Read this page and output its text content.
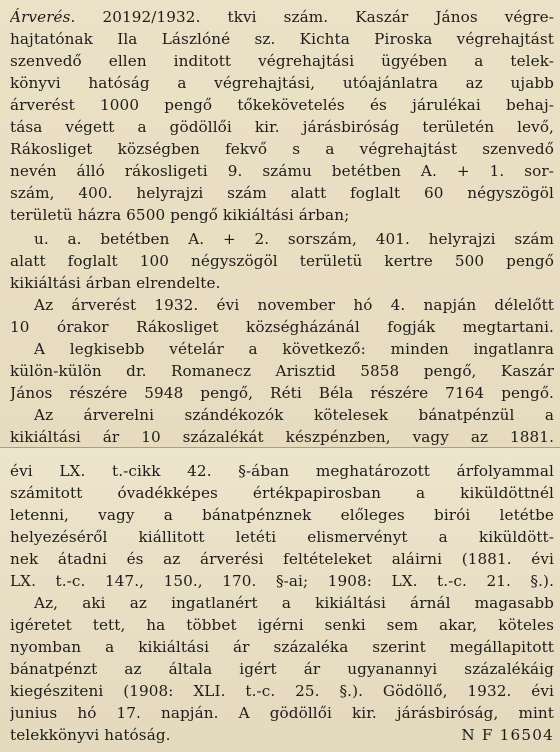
Árverés. 20192/1932. tkvi szám. Kaszár János végre-
hajtatónak Ila Lászlóné sz. Kichta Piroska végrehajtást
szenvedő ellen inditott végrehajtási ügyében a telek-
könyvi hatóság a végrehajtási, utóajánlatra az ujabb
árverést 1000 pengő tőkekövetelés és járulékai behaj-
tása végett a gödöllői kir. járásbiróság területén levő,
Rákosliget községben fekvő s a végrehajtást szenvedő
nevén álló rákosligeti 9. számu betétben A. + 1. sor-
szám, 400. helyrajzi szám alatt foglalt 60 négyszögöl
területü házra 6500 pengő kikiáltási árban;
u. a. betétben A. + 2. sorszám, 401. helyrajzi szám
alatt foglalt 100 négyszögöl területü kertre 500 pengő
kikiáltási árban elrendelte.
Az árverést 1932. évi november hó 4. napján délelőtt
10 órakor Rákosliget községházánál fogják megtartani.
A legkisebb vételár a következő: minden ingatlanra
külön-külön dr. Romanecz Arisztid 5858 pengő, Kaszár
János részére 5948 pengő, Réti Béla részére 7164 pengő.
Az árverelni szándékozók kötelesek bánatpénzül a
kikiáltási ár 10 százalékát készpénzben, vagy az 1881.
évi LX. t.-cikk 42. §-ában meghatározott árfolyammal
számitott óvadékképes értékpapirosban a kiküldöttnél
letenni, vagy a bánatpénznek előleges birói letétbe
helyezéséről kiállitott letéti elismervényt a kiküldött-
nek átadni és az árverési feltételeket aláirni (1881. évi
LX. t.-c. 147., 150., 170. §-ai; 1908: LX. t.-c. 21. §.).
Az, aki az ingatlanért a kikiáltási árnál magasabb
igéretet tett, ha többet igérni senki sem akar, köteles
nyomban a kikiáltási ár százaléka szerint megállapitott
bánatpénzt az általa igért ár ugyanannyi százalékáig
kiegésziteni (1908: XLI. t.-c. 25. §.). Gödöllő, 1932. évi
junius hó 17. napján. A gödöllői kir. járásbiróság, mint
telekkönyvi hatóság.	N F 16504
